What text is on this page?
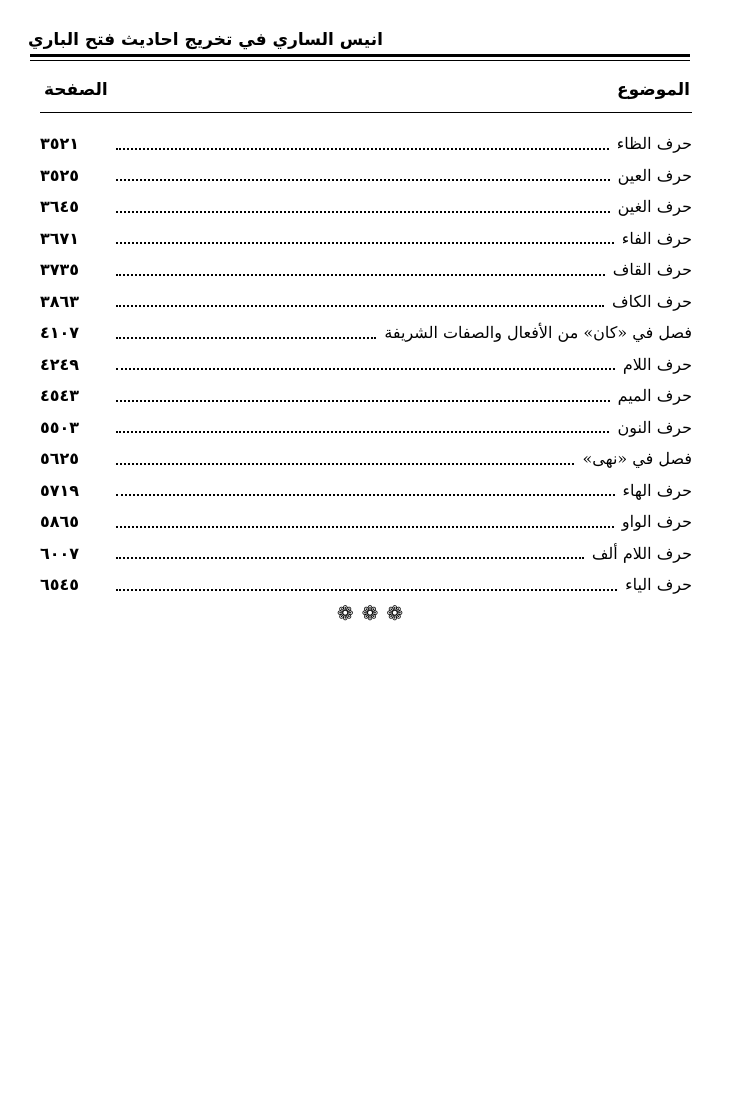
انيس الساري في تخريج احاديث فتح الباري
الموضوع
الصفحة
حرف الظاء
٣٥٢١
حرف العين
٣٥٢٥
حرف الغين
٣٦٤٥
حرف الفاء
٣٦٧١
حرف القاف
٣٧٣٥
حرف الكاف
٣٨٦٣
فصل في «كان» من الأفعال والصفات الشريفة
٤١٠٧
حرف اللام
٤٢٤٩
حرف الميم
٤٥٤٣
حرف النون
٥٥٠٣
فصل في «نهى»
٥٦٢٥
حرف الهاء
٥٧١٩
حرف الواو
٥٨٦٥
حرف اللام ألف
٦٠٠٧
حرف الياء
٦٥٤٥
❁ ❁ ❁
